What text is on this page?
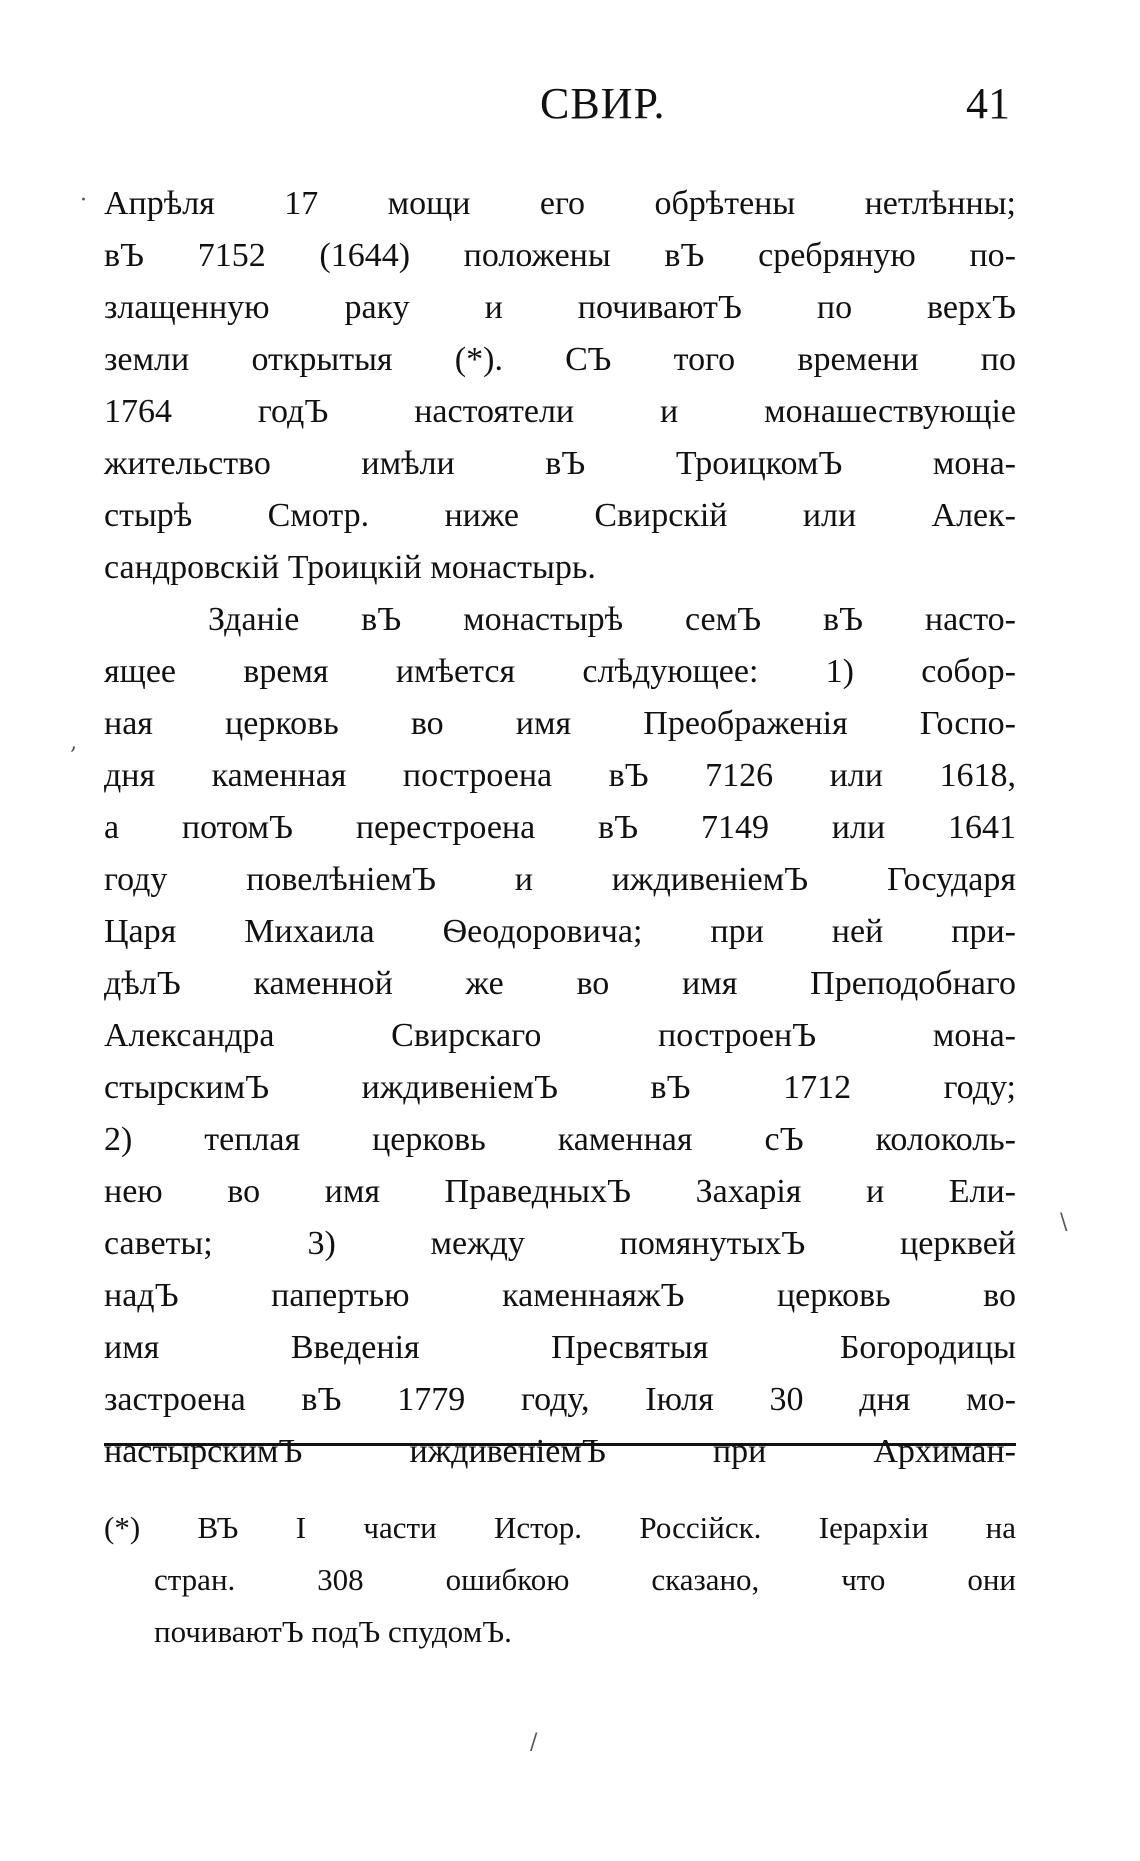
СВИР.	41
Апрѣля 17 мощи его обрѣтены нетлѣнны;
вЪ 7152 (1644) положены вЪ сребряную по-
злащенную раку и почиваютЪ по верхЪ
земли открытыя (*). СЪ того времени по
1764 годЪ настоятели и монашествующіе
жительство имѣли вЪ ТроицкомЪ мона-
стырѣ Смотр. ниже Свирскій или Алек-
сандровскій Троицкій монастырь.
Зданіе вЪ монастырѣ семЪ вЪ насто-
ящее время имѣется слѣдующее: 1) собор-
ная церковь во имя Преображенія Госпо-
дня каменная построена вЪ 7126 или 1618,
а потомЪ перестроена вЪ 7149 или 1641
году повелѣніемЪ и иждивеніемЪ Государя
Царя Михаила Ѳеодоровича; при ней при-
дѣлЪ каменной же во имя Преподобнаго
Александра Свирскаго построенЪ мона-
стырскимЪ иждивеніемЪ вЪ 1712 году;
2) теплая церковь каменная сЪ колоколь-
нею во имя ПраведныхЪ Захарія и Ели-
саветы; 3) между помянутыхЪ церквей
надЪ папертью каменнаяжЪ церковь во
имя Введенія Пресвятыя Богородицы
застроена вЪ 1779 году, Іюля 30 дня мо-
настырскимЪ иждивеніемЪ при Архиман-
(*) ВЪ I части Истор. Россійск. Іерархіи на
стран. 308 ошибкою сказано, что они
почиваютЪ подЪ спудомЪ.
·
‚
\
/
